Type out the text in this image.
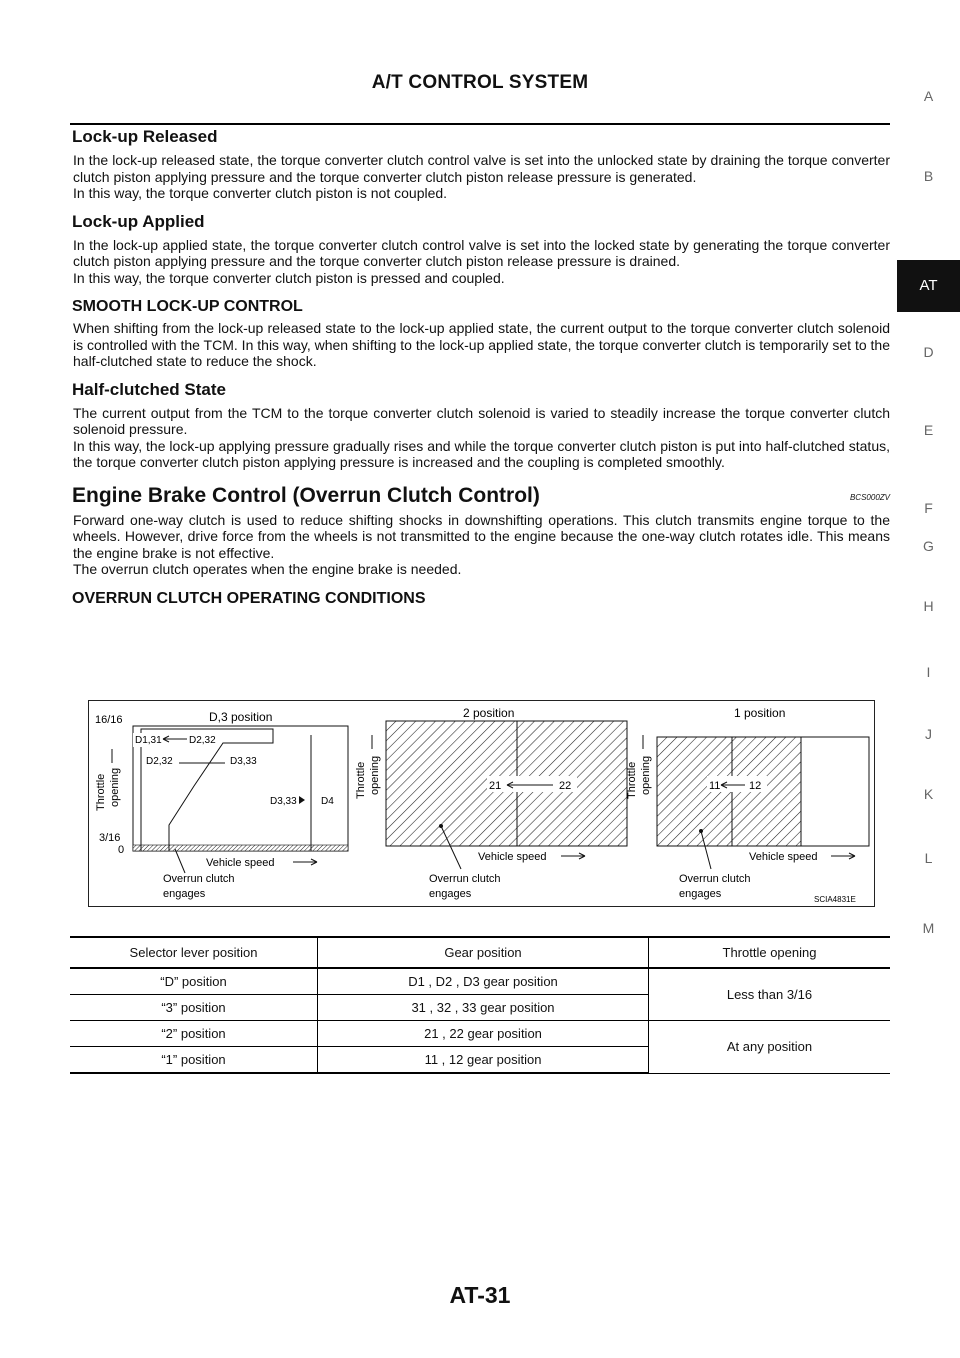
A/T CONTROL SYSTEM
Lock-up Released

In the lock-up released state, the torque converter clutch control valve is set into the unlocked state by draining the torque converter clutch piston applying pressure and the torque converter clutch piston release pressure is generated.

In this way, the torque converter clutch piston is not coupled.

Lock-up Applied

In the lock-up applied state, the torque converter clutch control valve is set into the locked state by generating the torque converter clutch piston applying pressure and the torque converter clutch piston release pressure is drained.

In this way, the torque converter clutch piston is pressed and coupled.

SMOOTH LOCK-UP CONTROL

When shifting from the lock-up released state to the lock-up applied state, the current output to the torque converter clutch solenoid is controlled with the TCM. In this way, when shifting to the lock-up applied state, the torque converter clutch is temporarily set to the half-clutched state to reduce the shock.

Half-clutched State

The current output from the TCM to the torque converter clutch solenoid is varied to steadily increase the torque converter clutch solenoid pressure.

In this way, the lock-up applying pressure gradually rises and while the torque converter clutch piston is put into half-clutched status, the torque converter clutch piston applying pressure is increased and the coupling is completed smoothly.

Engine Brake Control (Overrun Clutch Control)	BCS000ZV

Forward one-way clutch is used to reduce shifting shocks in downshifting operations. This clutch transmits engine torque to the wheels. However, drive force from the wheels is not transmitted to the engine because the one-way clutch rotates idle. This means the engine brake is not effective.

The overrun clutch operates when the engine brake is needed.

OVERRUN CLUTCH OPERATING CONDITIONS
D,3 position
16/16
3/16
0
Throttle opening
D1,31	D2,32
D2,32	D3,33
D3,33 D4
Vehicle speed
Overrun clutch
engages
2 position
Throttle opening	21	22
Vehicle speed
Overrun clutch
engages
1 position
Throttle opening	11	12
Vehicle speed
Overrun clutch
engages	SCIA4831E
A
B
AT
D
E
F
G
H
I
J
K
L
M
Selector lever position	Gear position	Throttle opening
“D” position	D1 , D2 , D3 gear position	Less than 3/16
“3” position	31 , 32 , 33 gear position	
“2” position	21 , 22 gear position	At any position
“1” position	11 , 12 gear position	
AT-31
